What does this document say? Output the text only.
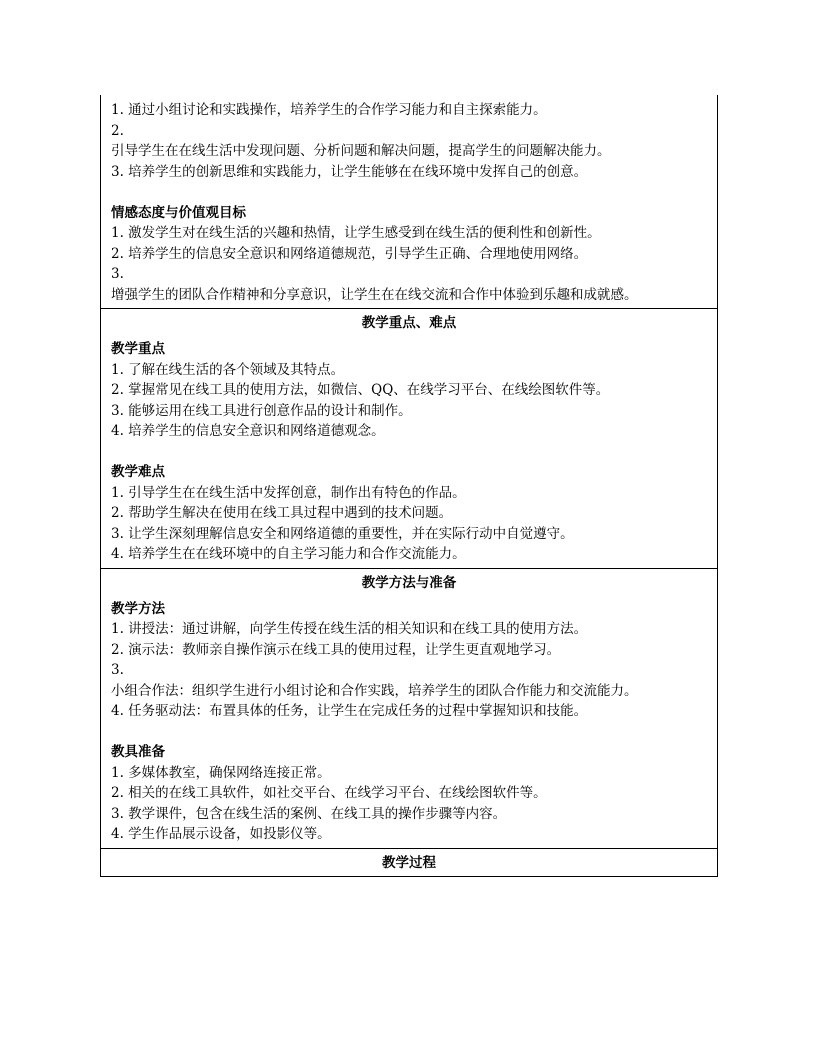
1. 通过小组讨论和实践操作，培养学生的合作学习能力和自主探索能力。
2.
引导学生在在线生活中发现问题、分析问题和解决问题，提高学生的问题解决能力。
3. 培养学生的创新思维和实践能力，让学生能够在在线环境中发挥自己的创意。
情感态度与价值观目标
1. 激发学生对在线生活的兴趣和热情，让学生感受到在线生活的便利性和创新性。
2. 培养学生的信息安全意识和网络道德规范，引导学生正确、合理地使用网络。
3.
增强学生的团队合作精神和分享意识，让学生在在线交流和合作中体验到乐趣和成就感。
教学重点、难点
教学重点
1. 了解在线生活的各个领域及其特点。
2. 掌握常见在线工具的使用方法，如微信、QQ、在线学习平台、在线绘图软件等。
3. 能够运用在线工具进行创意作品的设计和制作。
4. 培养学生的信息安全意识和网络道德观念。
教学难点
1. 引导学生在在线生活中发挥创意，制作出有特色的作品。
2. 帮助学生解决在使用在线工具过程中遇到的技术问题。
3. 让学生深刻理解信息安全和网络道德的重要性，并在实际行动中自觉遵守。
4. 培养学生在在线环境中的自主学习能力和合作交流能力。
教学方法与准备
教学方法
1. 讲授法：通过讲解，向学生传授在线生活的相关知识和在线工具的使用方法。
2. 演示法：教师亲自操作演示在线工具的使用过程，让学生更直观地学习。
3.
小组合作法：组织学生进行小组讨论和合作实践，培养学生的团队合作能力和交流能力。
4. 任务驱动法：布置具体的任务，让学生在完成任务的过程中掌握知识和技能。
教具准备
1. 多媒体教室，确保网络连接正常。
2. 相关的在线工具软件，如社交平台、在线学习平台、在线绘图软件等。
3. 教学课件，包含在线生活的案例、在线工具的操作步骤等内容。
4. 学生作品展示设备，如投影仪等。
教学过程
